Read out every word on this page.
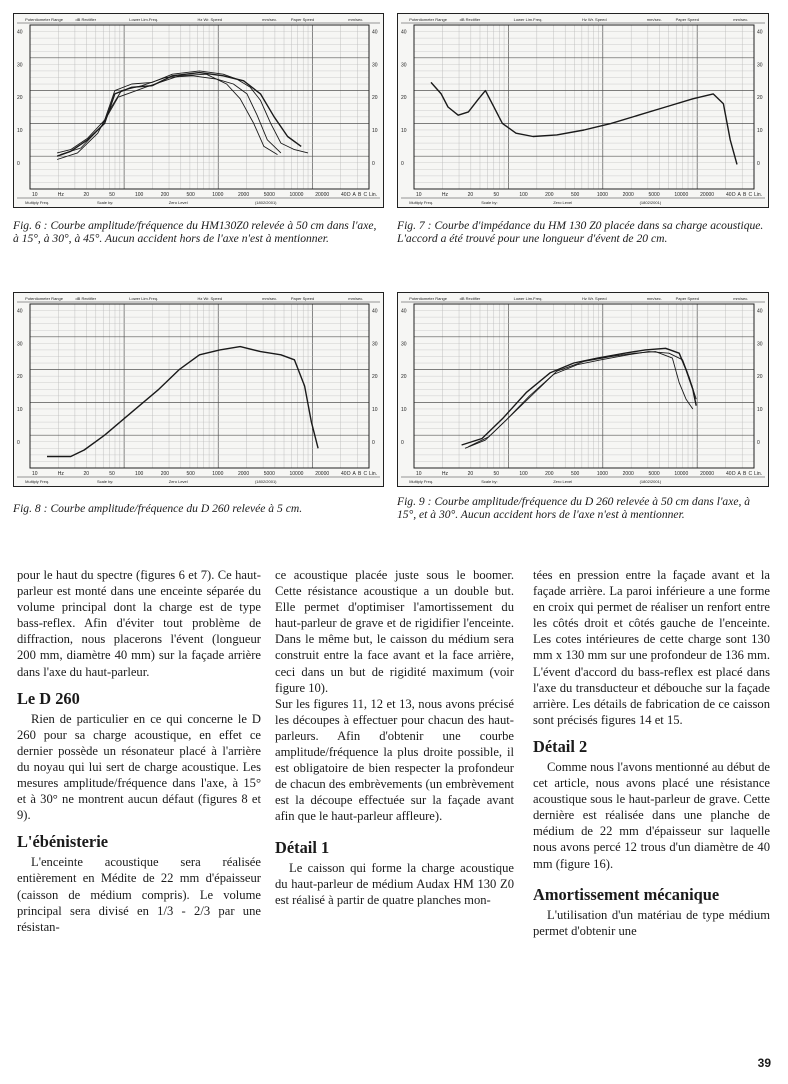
Potentiometer Range	dB Rectifier	Lower Lim.Freq.	Hz Wr. Speed	mm/sec.	Paper Speed	mm/sec.
40	40
30	30
20	20
10	10
0	0
10	Hz	20	50	100	200	500	1000	2000	5000	10000 20000 40 D A B C Lin.
Multiply Freq.	Scale by:	Zero Level	(1802/2001)
Fig. 6 : Courbe amplitude/fréquence du HM130Z0 relevée à 50 cm dans l'axe, à 15°, à 30°, à 45°. Aucun accident hors de l'axe n'est à mentionner.
Potentiometer Range	dB Rectifier	Lower Lim.Freq.	Hz Wr. Speed	mm/sec.	Paper Speed	mm/sec.
40	40
30	30
20	20
10	10
0	0
10	Hz	20	50	100	200	500	1000	2000	5000	10000 20000 40 D A B C Lin.
Multiply Freq.	Scale by:	Zero Level	(1802/2001)
Fig. 7 : Courbe d'impédance du HM 130 Z0 placée dans sa charge acoustique. L'accord a été trouvé pour une longueur d'évent de 20 cm.
Potentiometer Range	dB Rectifier	Lower Lim.Freq.	Hz Wr. Speed	mm/sec.	Paper Speed	mm/sec.
40	40
30	30
20	20
10	10
0	0
10	Hz	20	50	100	200	500	1000	2000	5000	10000 20000 40 D A B C Lin.
Multiply Freq.	Scale by:	Zero Level	(1802/2001)
Fig. 8 : Courbe amplitude/fréquence du D 260 relevée à 5 cm.
Potentiometer Range	dB Rectifier	Lower Lim.Freq.	Hz Wr. Speed	mm/sec.	Paper Speed	mm/sec.
40	40
30	30
20	20
10	10
0	0
10	Hz	20	50	100	200	500	1000	2000	5000	10000 20000 40 D A B C Lin.
Multiply Freq.	Scale by:	Zero Level	(1802/2001)
Fig. 9 : Courbe amplitude/fréquence du D 260 relevée à 50 cm dans l'axe, à 15°, et à 30°. Aucun accident hors de l'axe n'est à mentionner.

pour le haut du spectre (figures 6 et 7). Ce haut-parleur est monté dans une enceinte séparée du volume principal dont la charge est de type bass-reflex. Afin d'éviter tout problème de diffraction, nous placerons l'évent (longueur 200 mm, diamètre 40 mm) sur la façade arrière dans l'axe du haut-parleur.

Le D 260

Rien de particulier en ce qui concerne le D 260 pour sa charge acoustique, en effet ce dernier possède un résonateur placé à l'arrière du noyau qui lui sert de charge acoustique. Les mesures amplitude/fréquence dans l'axe, à 15° et à 30° ne montrent aucun défaut (figures 8 et 9).

L'ébénisterie

L'enceinte acoustique sera réalisée entièrement en Médite de 22 mm d'épaisseur (caisson de médium compris). Le volume principal sera divisé en 1/3 - 2/3 par une résistan-

ce acoustique placée juste sous le boomer. Cette résistance acoustique a un double but. Elle permet d'optimiser l'amortissement du haut-parleur de grave et de rigidifier l'enceinte. Dans le même but, le caisson du médium sera construit entre la face avant et la face arrière, ceci dans un but de rigidité maximum (voir figure 10).

Sur les figures 11, 12 et 13, nous avons précisé les découpes à effectuer pour chacun des haut-parleurs. Afin d'obtenir une courbe amplitude/fréquence la plus droite possible, il est obligatoire de bien respecter la profondeur de chacun des embrèvements (un embrèvement est la découpe effectuée sur la façade avant afin que le haut-parleur affleure).

Détail 1

Le caisson qui forme la charge acoustique du haut-parleur de médium Audax HM 130 Z0 est réalisé à partir de quatre planches mon-

tées en pression entre la façade avant et la façade arrière. La paroi inférieure a une forme en croix qui permet de réaliser un renfort entre les côtés droit et côtés gauche de l'enceinte. Les cotes intérieures de cette charge sont 130 mm x 130 mm sur une profondeur de 136 mm. L'évent d'accord du bass-reflex est placé dans l'axe du transducteur et débouche sur la façade arrière. Les détails de fabrication de ce caisson sont précisés figures 14 et 15.

Détail 2

Comme nous l'avons mentionné au début de cet article, nous avons placé une résistance acoustique sous le haut-parleur de grave. Cette dernière est réalisée dans une planche de médium de 22 mm d'épaisseur sur laquelle nous avons percé 12 trous d'un diamètre de 40 mm (figure 16).

Amortissement mécanique

L'utilisation d'un matériau de type médium permet d'obtenir une

39
